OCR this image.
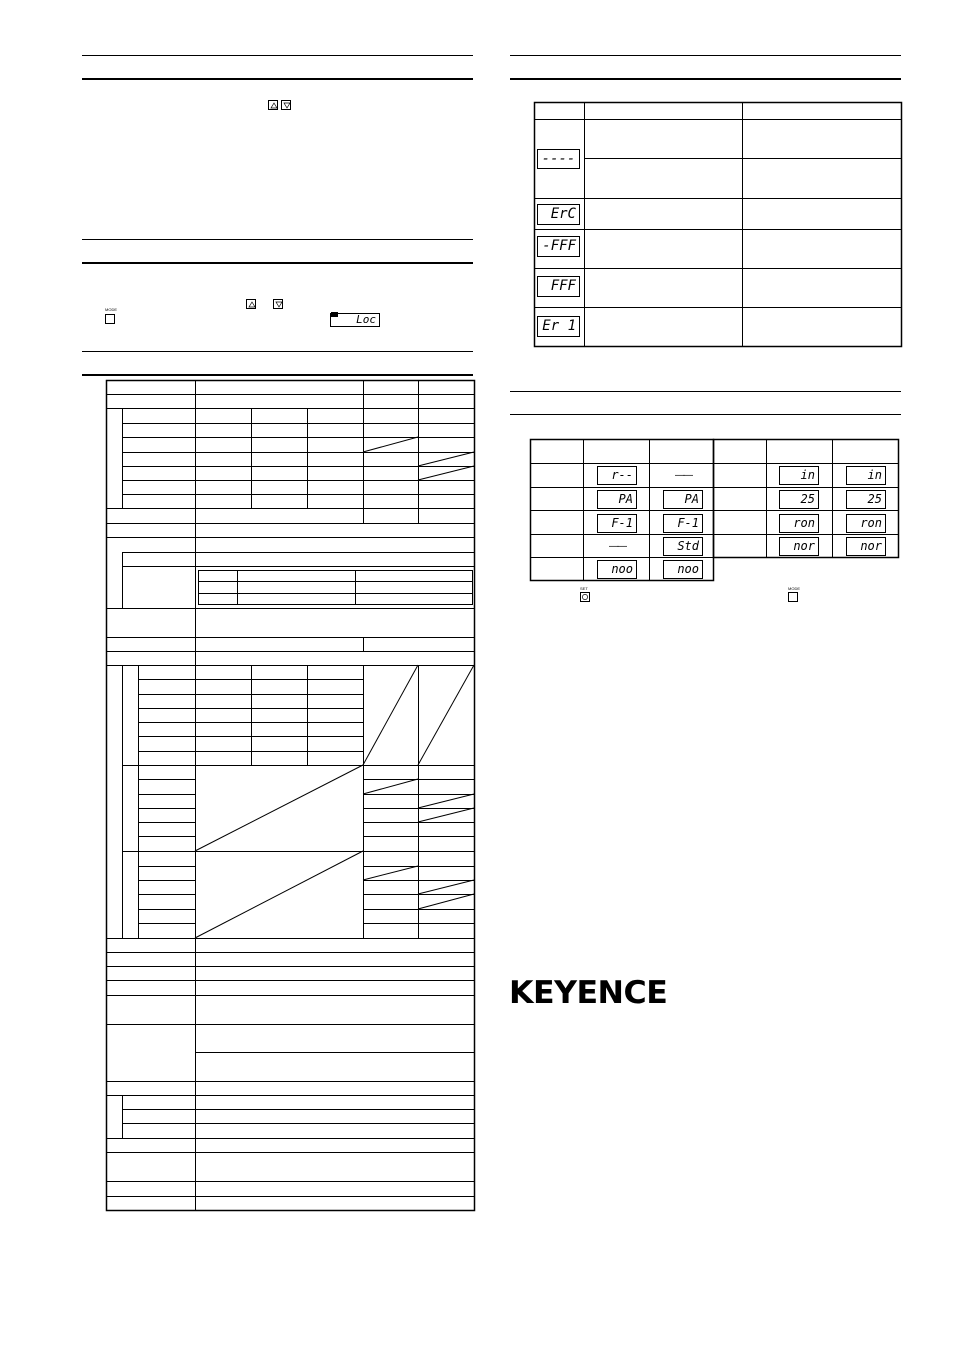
MODE
Loc
----
ErC
-FFF
FFF
Er 1
r--
PA
F-1
——
noo
——
PA
F-1
Std
noo
in
25
ron
nor
in
25
ron
nor
SET	MODE
KEYENCE
